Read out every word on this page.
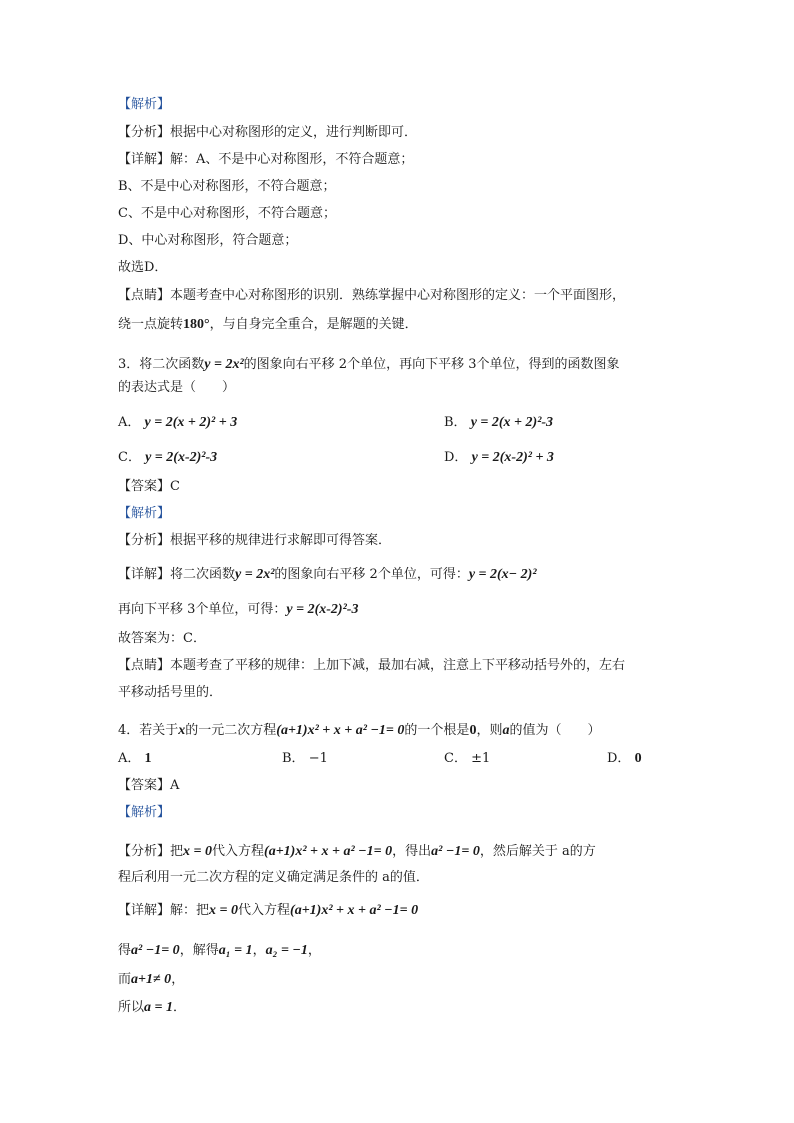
【解析】
【分析】根据中心对称图形的定义，进行判断即可．
【详解】解：A、不是中心对称图形，不符合题意；
B、不是中心对称图形，不符合题意；
C、不是中心对称图形，不符合题意；
D、中心对称图形，符合题意；
故选D．
【点睛】本题考查中心对称图形的识别．熟练掌握中心对称图形的定义：一个平面图形，
绕一点旋转180°，与自身完全重合，是解题的关键．
3．将二次函数y = 2x²的图象向右平移 2个单位，再向下平移 3个单位，得到的函数图象
的表达式是（　　）
A． y = 2(x + 2)² + 3	B． y = 2(x + 2)²-3
C． y = 2(x-2)²-3	D． y = 2(x-2)² + 3
【答案】C
【解析】
【分析】根据平移的规律进行求解即可得答案．
【详解】将二次函数y = 2x²的图象向右平移 2个单位，可得：y = 2(x− 2)²
再向下平移 3个单位，可得：y = 2(x-2)²-3
故答案为：C．
【点睛】本题考查了平移的规律：上加下减，最加右减，注意上下平移动括号外的，左右
平移动括号里的．
4．若关于x的一元二次方程(a+1)x² + x + a² −1= 0的一个根是0，则a的值为（　　）
A． 1	B． −1	C． ±1	D． 0
【答案】A
【解析】
【分析】把x = 0代入方程(a+1)x² + x + a² −1= 0，得出a² −1= 0，然后解关于 a的方
程后利用一元二次方程的定义确定满足条件的 a的值．
【详解】解：把x = 0代入方程(a+1)x² + x + a² −1= 0
得a² −1= 0，解得a₁ = 1，a₂ = −1，
而a+1≠ 0，
所以a = 1．
